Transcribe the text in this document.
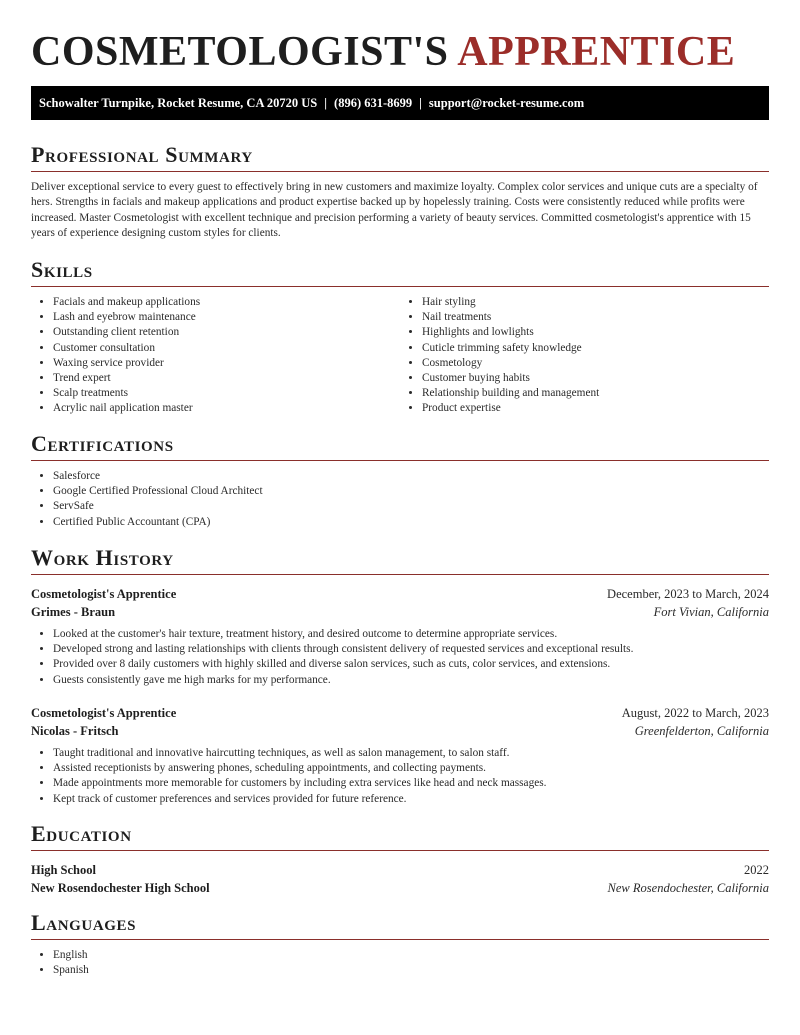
COSMETOLOGIST'S APPRENTICE
Schowalter Turnpike, Rocket Resume, CA 20720 US | (896) 631-8699 | support@rocket-resume.com
Professional Summary

Deliver exceptional service to every guest to effectively bring in new customers and maximize loyalty. Complex color services and unique cuts are a specialty of hers. Strengths in facials and makeup applications and product expertise backed up by hopelessly training. Costs were consistently reduced while profits were increased. Master Cosmetologist with excellent technique and precision performing a variety of beauty services. Committed cosmetologist's apprentice with 15 years of experience designing custom styles for clients.

Skills
• Facials and makeup applications
• Lash and eyebrow maintenance
• Outstanding client retention
• Customer consultation
• Waxing service provider
• Trend expert
• Scalp treatments
• Acrylic nail application master
• Hair styling
• Nail treatments
• Highlights and lowlights
• Cuticle trimming safety knowledge
• Cosmetology
• Customer buying habits
• Relationship building and management
• Product expertise
Certifications
• Salesforce
• Google Certified Professional Cloud Architect
• ServSafe
• Certified Public Accountant (CPA)
Work History
Cosmetologist's Apprentice	December, 2023 to March, 2024
Grimes - Braun	Fort Vivian, California
• Looked at the customer's hair texture, treatment history, and desired outcome to determine appropriate services.
• Developed strong and lasting relationships with clients through consistent delivery of requested services and exceptional results.
• Provided over 8 daily customers with highly skilled and diverse salon services, such as cuts, color services, and extensions.
• Guests consistently gave me high marks for my performance.
Cosmetologist's Apprentice	August, 2022 to March, 2023
Nicolas - Fritsch	Greenfelderton, California
• Taught traditional and innovative haircutting techniques, as well as salon management, to salon staff.
• Assisted receptionists by answering phones, scheduling appointments, and collecting payments.
• Made appointments more memorable for customers by including extra services like head and neck massages.
• Kept track of customer preferences and services provided for future reference.
Education
High School	2022
New Rosendochester High School	New Rosendochester, California
Languages
• English
• Spanish
